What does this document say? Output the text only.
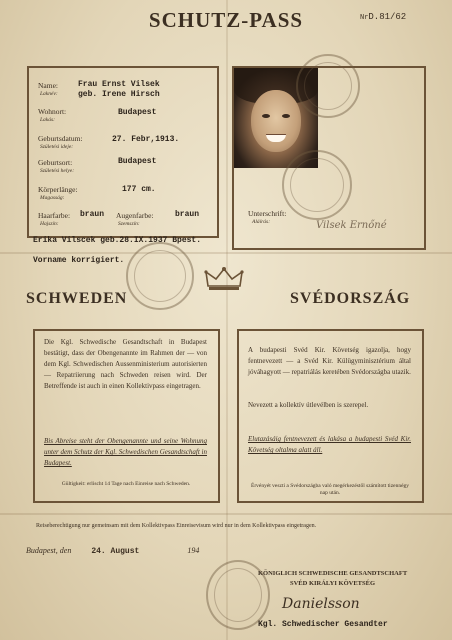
SCHUTZ-PASS	NrD.81/62
Name:
Laknév:
Frau Ernst Vilsek
geb. Irene Hirsch
Wohnort:
Lakás:
Budapest
Geburtsdatum:
Születési ideje:
27. Febr,1913.
Geburtsort:
Születési helye:
Budapest
Körperlänge:
Magasság:
177 cm.
Haarfarbe:
Hajszín:
braun Augenfarbe:
Szemszín:
braun
Erika Vilscek geb.28.IX.1937 Bpest.
Vorname korrigiert.
Unterschrift:
Aláírás:	Vilsek Ernőné
SCHWEDEN	SVÉDORSZÁG
Die Kgl. Schwedische Gesandtschaft in Budapest bestätigt, dass der Obengenannte im Rahmen der — von dem Kgl. Schwedischen Aussenministerium autorisierten — Repatriierung nach Schweden reisen wird. Der Betreffende ist auch in einen Kollektivpass eingetragen.
Bis Abreise steht der Obengenannte und seine Wohnung unter dem Schutz der Kgl. Schwedischen Gesandtschaft in Budapest.
Gültigkeit: erlischt 14 Tage nach Einreise nach Schweden.
A budapesti Svéd Kir. Követség igazolja, hogy fentnevezett — a Svéd Kir. Külügyminisztérium által jóváhagyott — repatriálás keretében Svédországba utazik.
Nevezett a kollektív útlevélben is szerepel.
Elutazásáig fentnevezett és lakása a budapesti Svéd Kir. Követség oltalma alatt áll.
Érvényét veszti a Svédországba való megérkezéstől számított tizennégy nap után.
Reiseberechtigung nur gemeinsam mit dem Kollektivpass Einreisevisum wird nur in dem Kollektivpass eingetragen.
Budapest, den	24. August	194
KÖNIGLICH SCHWEDISCHE GESANDTSCHAFT
SVÉD KIRÁLYI KÖVETSÉG
Danielsson
Kgl. Schwedischer Gesandter
